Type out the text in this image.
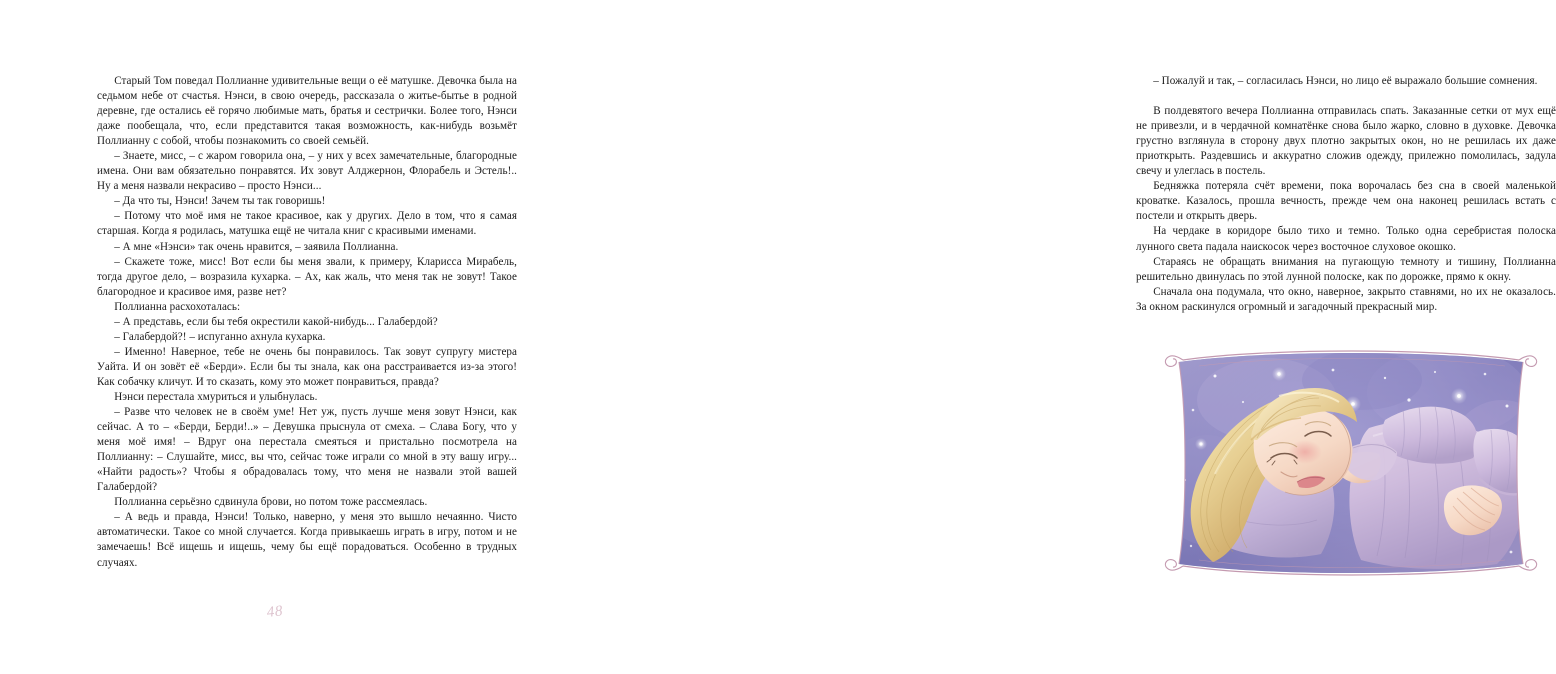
Старый Том поведал Поллианне удивительные вещи о её матушке. Девочка была на седьмом небе от счастья. Нэнси, в свою очередь, рассказала о житье-бытье в родной деревне, где остались её горячо любимые мать, братья и сестрички. Более того, Нэнси даже пообещала, что, если представится такая возможность, как-нибудь возьмёт Поллианну с собой, чтобы познакомить со своей семьёй.

– Знаете, мисс, – с жаром говорила она, – у них у всех замечательные, благородные имена. Они вам обязательно понравятся. Их зовут Алджернон, Флорабель и Эстель!.. Ну а меня назвали некрасиво – просто Нэнси...

– Да что ты, Нэнси! Зачем ты так говоришь!

– Потому что моё имя не такое красивое, как у других. Дело в том, что я самая старшая. Когда я родилась, матушка ещё не читала книг с красивыми именами.

– А мне «Нэнси» так очень нравится, – заявила Поллианна.

– Скажете тоже, мисс! Вот если бы меня звали, к примеру, Кларисса Мирабель, тогда другое дело, – возразила кухарка. – Ах, как жаль, что меня так не зовут! Такое благородное и красивое имя, разве нет?

Поллианна расхохоталась:

– А представь, если бы тебя окрестили какой-нибудь... Галабердой?

– Галабердой?! – испуганно ахнула кухарка.

– Именно! Наверное, тебе не очень бы понравилось. Так зовут супругу мистера Уайта. И он зовёт её «Берди». Если бы ты знала, как она расстраивается из-за этого! Как собачку кличут. И то сказать, кому это может понравиться, правда?

Нэнси перестала хмуриться и улыбнулась.

– Разве что человек не в своём уме! Нет уж, пусть лучше меня зовут Нэнси, как сейчас. А то – «Берди, Берди!..» – Девушка прыснула от смеха. – Слава Богу, что у меня моё имя! – Вдруг она перестала смеяться и пристально посмотрела на Поллианну: – Слушайте, мисс, вы что, сейчас тоже играли со мной в эту вашу игру... «Найти радость»? Чтобы я обрадовалась тому, что меня не назвали этой вашей Галабердой?

Поллианна серьёзно сдвинула брови, но потом тоже рассмеялась.

– А ведь и правда, Нэнси! Только, наверно, у меня это вышло нечаянно. Чисто автоматически. Такое со мной случается. Когда привыкаешь играть в игру, потом и не замечаешь! Всё ищешь и ищешь, чему бы ещё порадоваться. Особенно в трудных случаях.

48

– Пожалуй и так, – согласилась Нэнси, но лицо её выражало большие сомнения.

В полдевятого вечера Поллианна отправилась спать. Заказанные сетки от мух ещё не привезли, и в чердачной комнатёнке снова было жарко, словно в духовке. Девочка грустно взглянула в сторону двух плотно закрытых окон, но не решилась их даже приоткрыть. Раздевшись и аккуратно сложив одежду, прилежно помолилась, задула свечу и улеглась в постель.

Бедняжка потеряла счёт времени, пока ворочалась без сна в своей маленькой кроватке. Казалось, прошла вечность, прежде чем она наконец решилась встать с постели и открыть дверь.

На чердаке в коридоре было тихо и темно. Только одна серебристая полоска лунного света падала наискосок через восточное слуховое окошко.

Стараясь не обращать внимания на пугающую темноту и тишину, Поллианна решительно двинулась по этой лунной полоске, как по дорожке, прямо к окну.

Сначала она подумала, что окно, наверное, закрыто ставнями, но их не оказалось. За окном раскинулся огромный и загадочный прекрасный мир.
